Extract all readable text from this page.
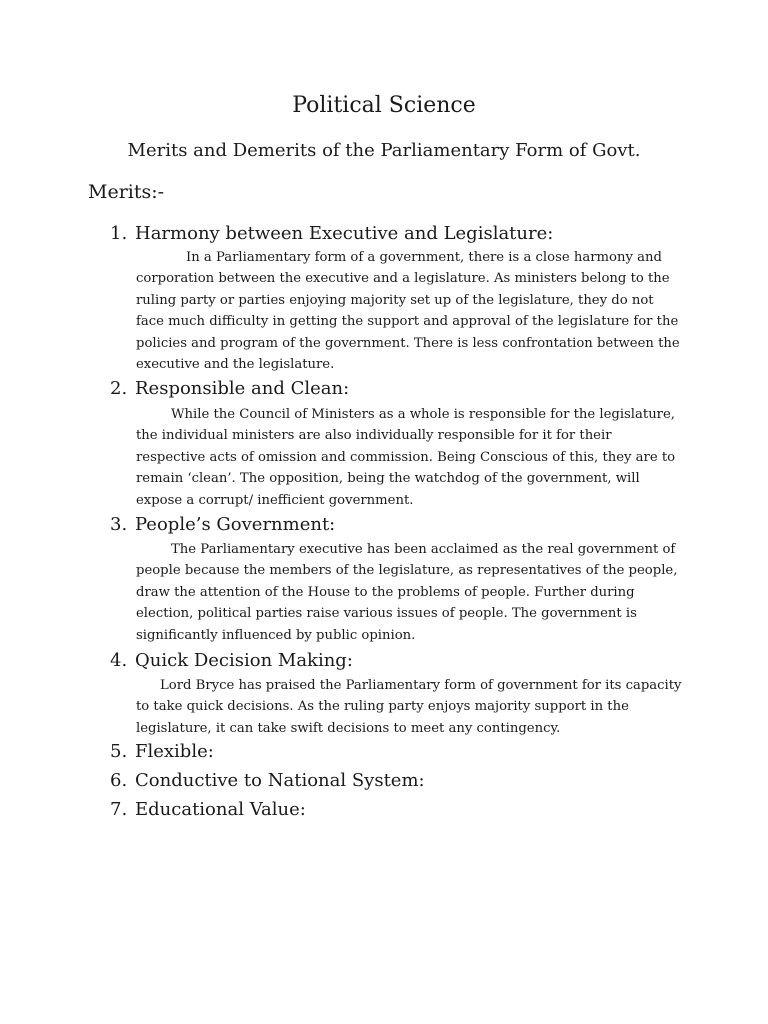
Political Science
Merits and Demerits of the Parliamentary Form of Govt.
Merits:-
1. Harmony between Executive and Legislature:

In a Parliamentary form of a government, there is a close harmony and
corporation between the executive and a legislature. As ministers belong to the
ruling party or parties enjoying majority set up of the legislature, they do not
face much difficulty in getting the support and approval of the legislature for the
policies and program of the government. There is less confrontation between the
executive and the legislature.

2. Responsible and Clean:

While the Council of Ministers as a whole is responsible for the legislature,
the individual ministers are also individually responsible for it for their
respective acts of omission and commission. Being Conscious of this, they are to
remain ‘clean’. The opposition, being the watchdog of the government, will
expose a corrupt/ inefficient government.

3. People’s Government:

The Parliamentary executive has been acclaimed as the real government of
people because the members of the legislature, as representatives of the people,
draw the attention of the House to the problems of people. Further during
election, political parties raise various issues of people. The government is
significantly influenced by public opinion.

4. Quick Decision Making:

Lord Bryce has praised the Parliamentary form of government for its capacity
to take quick decisions. As the ruling party enjoys majority support in the
legislature, it can take swift decisions to meet any contingency.

5. Flexible:
6. Conductive to National System:
7. Educational Value:
